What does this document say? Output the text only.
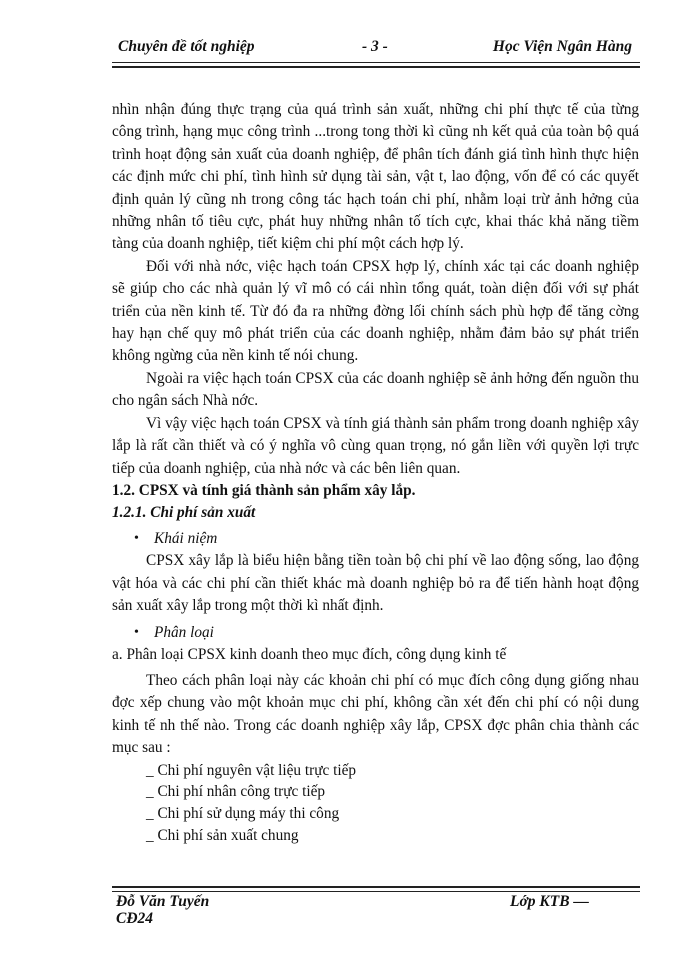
Chuyên đề tốt nghiệp	- 3 -	Học Viện Ngân Hàng

nhìn nhận đúng thực trạng của quá trình sản xuất, những chi phí thực tế của từng công trình, hạng mục công trình ...trong tong thời kì cũng nh kết quả của toàn bộ quá trình hoạt động sản xuất của doanh nghiệp, để phân tích đánh giá tình hình thực hiện các định mức chi phí, tình hình sử dụng tài sản, vật t, lao động, vốn để có các quyết định quản lý cũng nh trong công tác hạch toán chi phí, nhằm loại trừ ảnh hởng của những nhân tố tiêu cực, phát huy những nhân tố tích cực, khai thác khả năng tiềm tàng của doanh nghiệp, tiết kiệm chi phí một cách hợp lý.

Đối với nhà nớc, việc hạch toán CPSX hợp lý, chính xác tại các doanh nghiệp sẽ giúp cho các nhà quản lý vĩ mô có cái nhìn tổng quát, toàn diện đối với sự phát triển của nền kinh tế. Từ đó đa ra những đờng lối chính sách phù hợp để tăng cờng hay hạn chế quy mô phát triển của các doanh nghiệp, nhằm đảm bảo sự phát triển không ngừng của nền kinh tế nói chung.

Ngoài ra việc hạch toán CPSX của các doanh nghiệp sẽ ảnh hởng đến nguồn thu cho ngân sách Nhà nớc.

Vì vậy việc hạch toán CPSX và tính giá thành sản phẩm trong doanh nghiệp xây lắp là rất cần thiết và có ý nghĩa vô cùng quan trọng, nó gắn liền với quyền lợi trực tiếp của doanh nghiệp, của nhà nớc và các bên liên quan.

1.2. CPSX và tính giá thành sản phẩm xây lắp.

1.2.1. Chi phí sản xuất

• Khái niệm

CPSX xây lắp là biểu hiện bằng tiền toàn bộ chi phí về lao động sống, lao động vật hóa và các chi phí cần thiết khác mà doanh nghiệp bỏ ra để tiến hành hoạt động sản xuất xây lắp trong một thời kì nhất định.

• Phân loại

a. Phân loại CPSX kinh doanh theo mục đích, công dụng kinh tế

Theo cách phân loại này các khoản chi phí có mục đích công dụng giống nhau đợc xếp chung vào một khoản mục chi phí, không cần xét đến chi phí có nội dung kinh tế nh thế nào. Trong các doanh nghiệp xây lắp, CPSX đợc phân chia thành các mục sau :

_ Chi phí nguyên vật liệu trực tiếp

_ Chi phí nhân công trực tiếp

_ Chi phí sử dụng máy thi công

_ Chi phí sản xuất chung

Đỗ Văn Tuyến
CĐ24
Lớp KTB —
